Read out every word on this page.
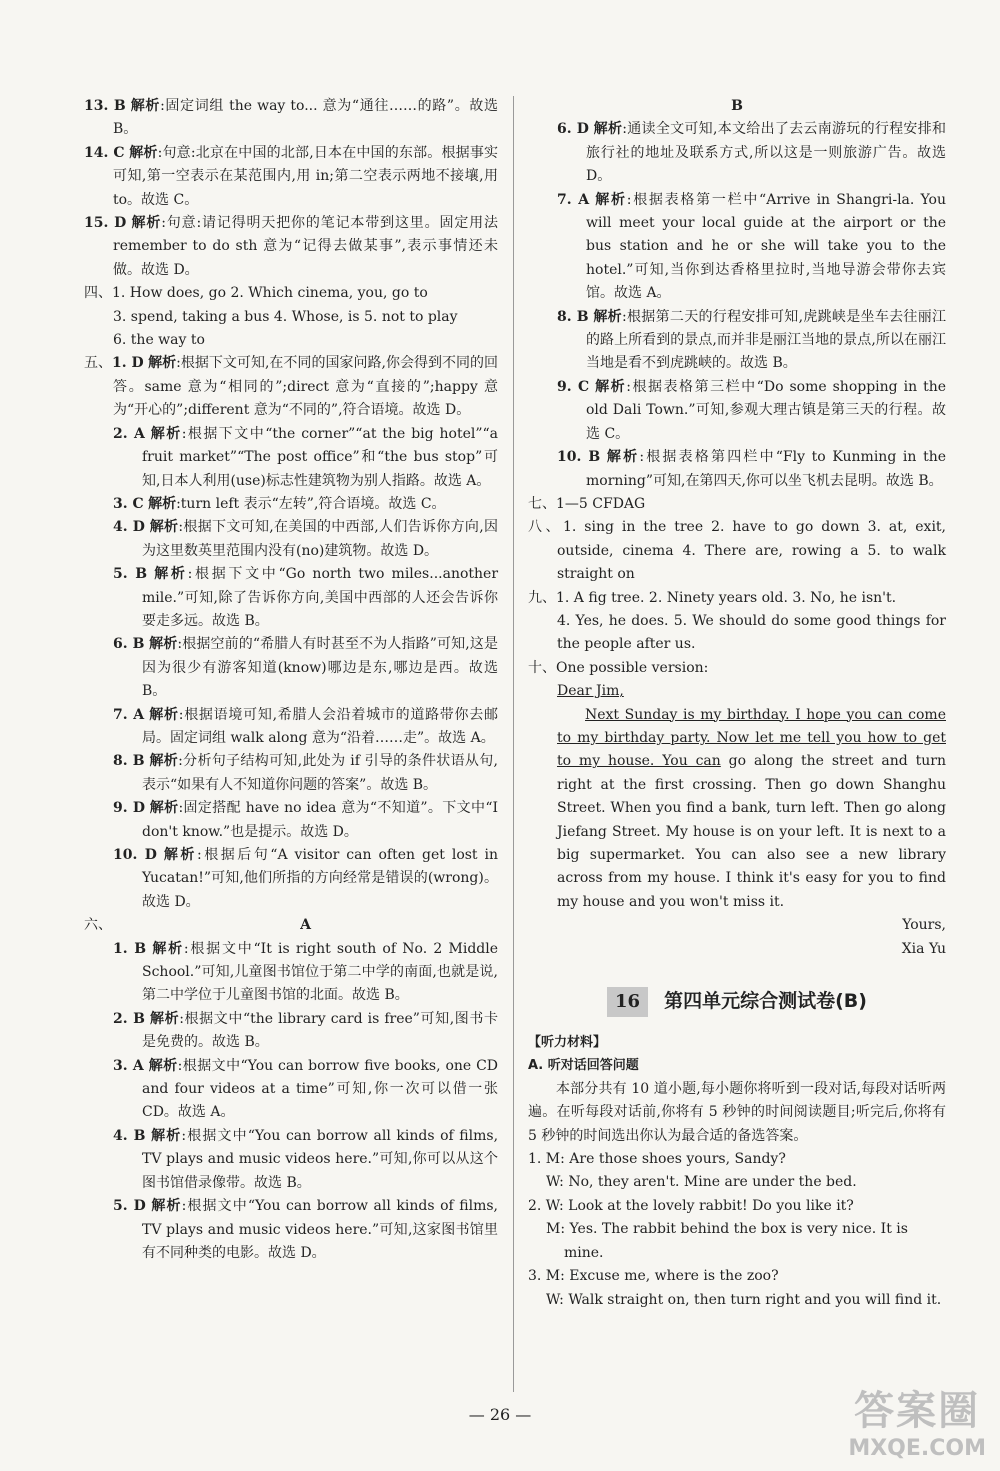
13. B 解析:固定词组 the way to... 意为“通往……的路”。故选 B。

14. C 解析:句意:北京在中国的北部,日本在中国的东部。根据事实可知,第一空表示在某范围内,用 in;第二空表示两地不接壤,用 to。故选 C。

15. D 解析:句意:请记得明天把你的笔记本带到这里。固定用法 remember to do sth 意为“记得去做某事”,表示事情还未做。故选 D。

四、1. How does, go 2. Which cinema, you, go to

3. spend, taking a bus 4. Whose, is 5. not to play

6. the way to

五、1. D 解析:根据下文可知,在不同的国家问路,你会得到不同的回答。same 意为“相同的”;direct 意为“直接的”;happy 意为“开心的”;different 意为“不同的”,符合语境。故选 D。

2. A 解析:根据下文中“the corner”“at the big hotel”“a fruit market”“The post office”和“the bus stop”可知,日本人利用(use)标志性建筑物为别人指路。故选 A。

3. C 解析:turn left 表示“左转”,符合语境。故选 C。

4. D 解析:根据下文可知,在美国的中西部,人们告诉你方向,因为这里数英里范围内没有(no)建筑物。故选 D。

5. B 解析:根据下文中“Go north two miles...another mile.”可知,除了告诉你方向,美国中西部的人还会告诉你要走多远。故选 B。

6. B 解析:根据空前的“希腊人有时甚至不为人指路”可知,这是因为很少有游客知道(know)哪边是东,哪边是西。故选 B。

7. A 解析:根据语境可知,希腊人会沿着城市的道路带你去邮局。固定词组 walk along 意为“沿着……走”。故选 A。

8. B 解析:分析句子结构可知,此处为 if 引导的条件状语从句,表示“如果有人不知道你问题的答案”。故选 B。

9. D 解析:固定搭配 have no idea 意为“不知道”。下文中“I don't know.”也是提示。故选 D。

10. D 解析:根据后句“A visitor can often get lost in Yucatan!”可知,他们所指的方向经常是错误的(wrong)。故选 D。

六、	A

1. B 解析:根据文中“It is right south of No. 2 Middle School.”可知,儿童图书馆位于第二中学的南面,也就是说,第二中学位于儿童图书馆的北面。故选 B。

2. B 解析:根据文中“the library card is free”可知,图书卡是免费的。故选 B。

3. A 解析:根据文中“You can borrow five books, one CD and four videos at a time”可知,你一次可以借一张 CD。故选 A。

4. B 解析:根据文中“You can borrow all kinds of films, TV plays and music videos here.”可知,你可以从这个图书馆借录像带。故选 B。

5. D 解析:根据文中“You can borrow all kinds of films, TV plays and music videos here.”可知,这家图书馆里有不同种类的电影。故选 D。

B

6. D 解析:通读全文可知,本文给出了去云南游玩的行程安排和旅行社的地址及联系方式,所以这是一则旅游广告。故选 D。

7. A 解析:根据表格第一栏中“Arrive in Shangri-la. You will meet your local guide at the airport or the bus station and he or she will take you to the hotel.”可知,当你到达香格里拉时,当地导游会带你去宾馆。故选 A。

8. B 解析:根据第二天的行程安排可知,虎跳峡是坐车去往丽江的路上所看到的景点,而并非是丽江当地的景点,所以在丽江当地是看不到虎跳峡的。故选 B。

9. C 解析:根据表格第三栏中“Do some shopping in the old Dali Town.”可知,参观大理古镇是第三天的行程。故选 C。

10. B 解析:根据表格第四栏中“Fly to Kunming in the morning”可知,在第四天,你可以坐飞机去昆明。故选 B。

七、1—5 CFDAG

八、1. sing in the tree 2. have to go down 3. at, exit, outside, cinema 4. There are, rowing a 5. to walk straight on

九、1. A fig tree. 2. Ninety years old. 3. No, he isn't.

4. Yes, he does. 5. We should do some good things for the people after us.

十、One possible version:

Dear Jim,

Next Sunday is my birthday. I hope you can come to my birthday party. Now let me tell you how to get to my house. You can go along the street and turn right at the first crossing. Then go down Shanghu Street. When you find a bank, turn left. Then go along Jiefang Street. My house is on your left. It is next to a big supermarket. You can also see a new library across from my house. I think it's easy for you to find my house and you won't miss it.

Yours,

Xia Yu

16	第四单元综合测试卷(B)

【听力材料】

A. 听对话回答问题

本部分共有 10 道小题,每小题你将听到一段对话,每段对话听两遍。在听每段对话前,你将有 5 秒钟的时间阅读题目;听完后,你将有 5 秒钟的时间选出你认为最合适的备选答案。

1. M: Are those shoes yours, Sandy?

W: No, they aren't. Mine are under the bed.

2. W: Look at the lovely rabbit! Do you like it?

M: Yes. The rabbit behind the box is very nice. It is mine.

3. M: Excuse me, where is the zoo?

W: Walk straight on, then turn right and you will find it.

— 26 —	答案圈
MXQE.COM
